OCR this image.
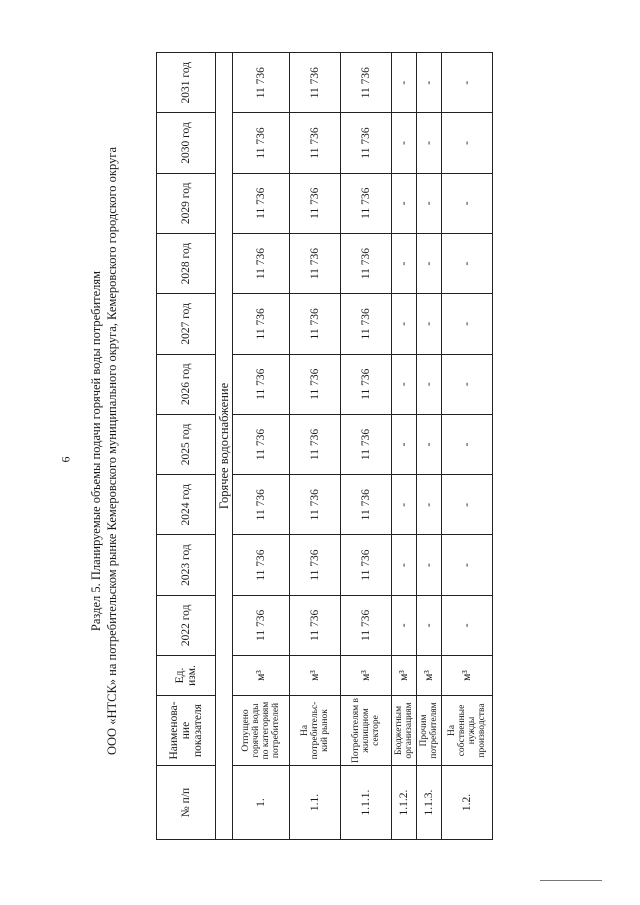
6 Раздел 5. Планируемые объемы подачи горячей воды потребителям ООО «НТСК» на потребительском рынке Кемеровского муниципального округа, Кемеровского городского округа
№ п/п	Наименова-ние показателя	Ед. изм.	2022 год	2023 год	2024 год	2025 год	2026 год	2027 год	2028 год	2029 год	2030 год	2031 год
Горячее водоснабжение												
1.	Отпущено горячей воды по категориям потребителей	м³	11 736	11 736	11 736	11 736	11 736	11 736	11 736	11 736	11 736	11 736
1.1.	На потребительс-кий рынок	м³	11 736	11 736	11 736	11 736	11 736	11 736	11 736	11 736	11 736	11 736
1.1.1.	Потребителям в жилищном секторе	м³	11 736	11 736	11 736	11 736	11 736	11 736	11 736	11 736	11 736	11 736
1.1.2.	Бюджетным организациям	м³	-	-	-	-	-	-	-	-	-	-
1.1.3.	Прочим потребителям	м³	-	-	-	-	-	-	-	-	-	-
1.2.	На собственные нужды производства	м³	-	-	-	-	-	-	-	-	-	-
